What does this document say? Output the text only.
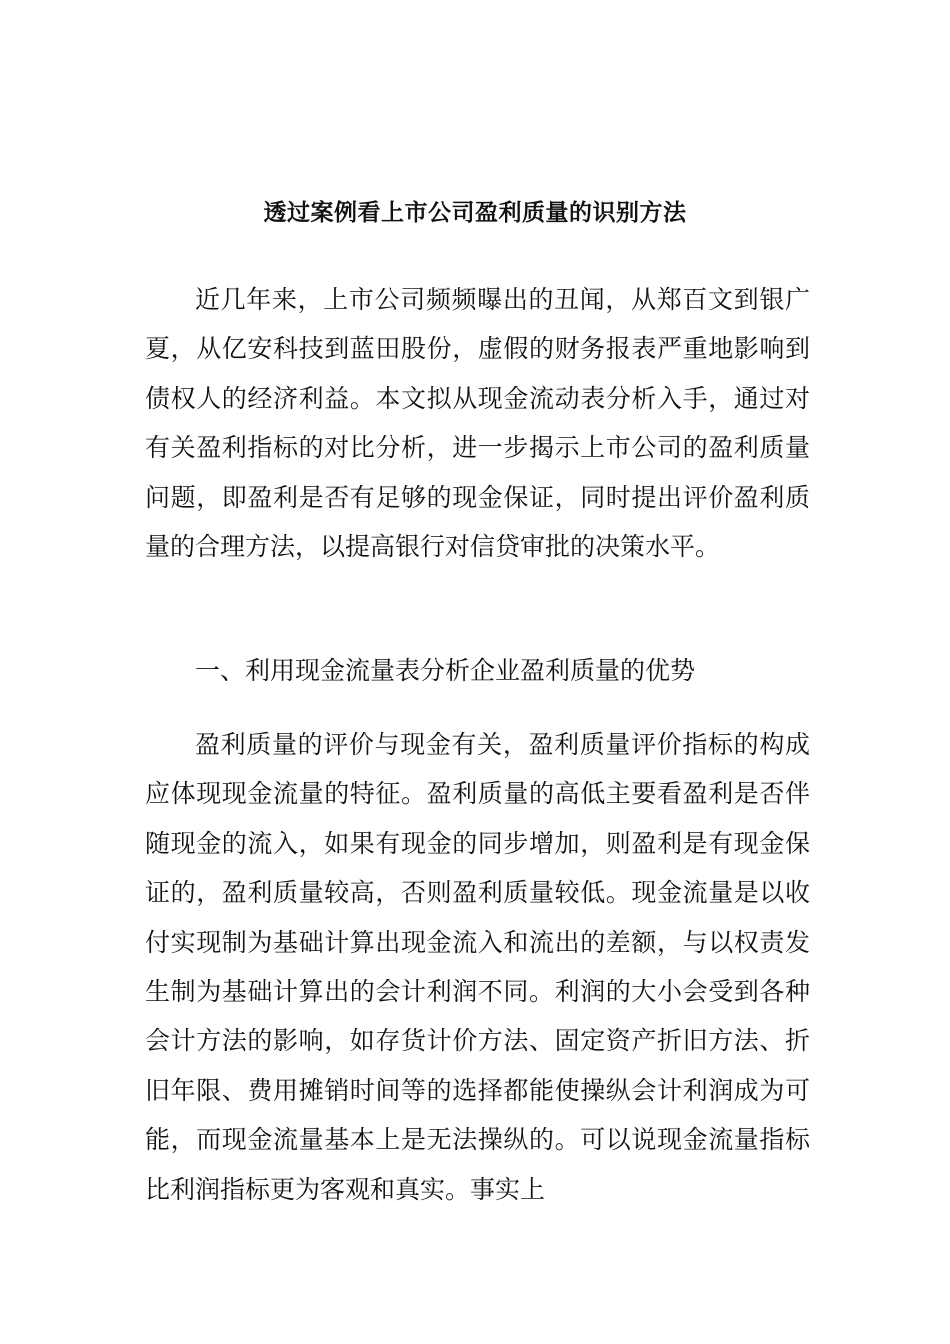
透过案例看上市公司盈利质量的识别方法

近几年来，上市公司频频曝出的丑闻，从郑百文到银广夏，从亿安科技到蓝田股份，虚假的财务报表严重地影响到债权人的经济利益。本文拟从现金流动表分析入手，通过对有关盈利指标的对比分析，进一步揭示上市公司的盈利质量问题，即盈利是否有足够的现金保证，同时提出评价盈利质量的合理方法，以提高银行对信贷审批的决策水平。

一、利用现金流量表分析企业盈利质量的优势

盈利质量的评价与现金有关，盈利质量评价指标的构成应体现现金流量的特征。盈利质量的高低主要看盈利是否伴随现金的流入，如果有现金的同步增加，则盈利是有现金保证的，盈利质量较高，否则盈利质量较低。现金流量是以收付实现制为基础计算出现金流入和流出的差额，与以权责发生制为基础计算出的会计利润不同。利润的大小会受到各种会计方法的影响，如存货计价方法、固定资产折旧方法、折旧年限、费用摊销时间等的选择都能使操纵会计利润成为可能，而现金流量基本上是无法操纵的。可以说现金流量指标比利润指标更为客观和真实。事实上
